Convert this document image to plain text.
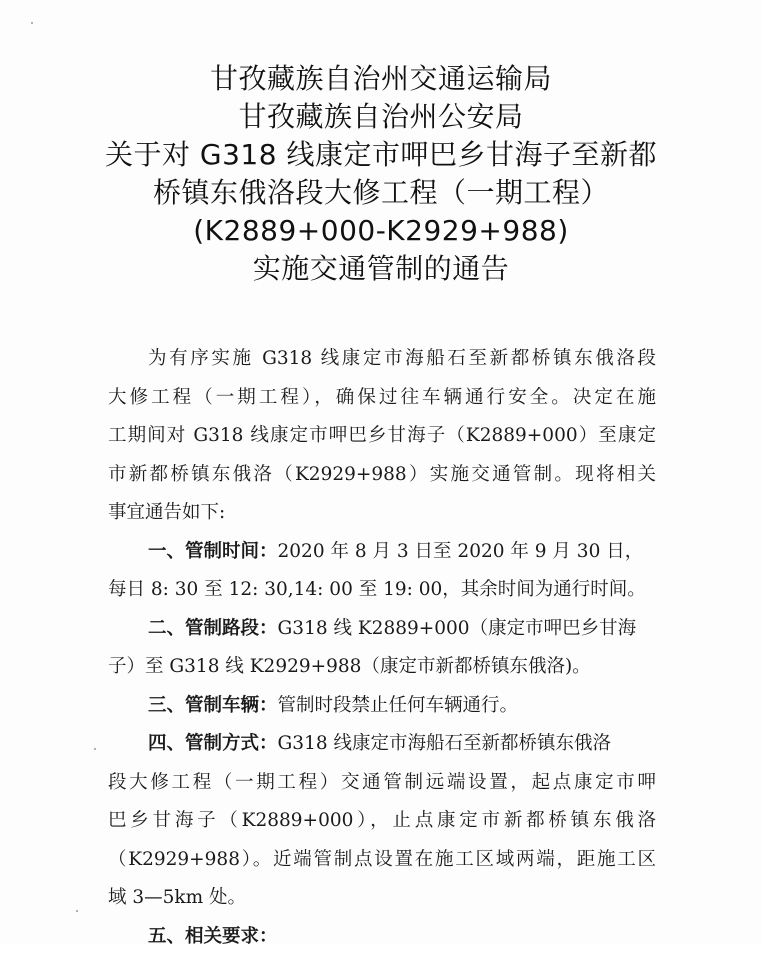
甘孜藏族自治州交通运输局
甘孜藏族自治州公安局
关于对 G318 线康定市呷巴乡甘海子至新都
桥镇东俄洛段大修工程（一期工程）
(K2889+000-K2929+988)
实施交通管制的通告
为有序实施 G318 线康定市海船石至新都桥镇东俄洛段
大修工程（一期工程），确保过往车辆通行安全。决定在施
工期间对 G318 线康定市呷巴乡甘海子（K2889+000）至康定
市新都桥镇东俄洛（K2929+988）实施交通管制。现将相关
事宜通告如下:
一、管制时间：2020 年 8 月 3 日至 2020 年 9 月 30 日，
每日 8: 30 至 12: 30,14: 00 至 19: 00，其余时间为通行时间。
二、管制路段：G318 线 K2889+000（康定市呷巴乡甘海
子）至 G318 线 K2929+988（康定市新都桥镇东俄洛)。
三、管制车辆：管制时段禁止任何车辆通行。
四、管制方式：G318 线康定市海船石至新都桥镇东俄洛
段大修工程（一期工程）交通管制远端设置，起点康定市呷
巴乡甘海子（K2889+000），止点康定市新都桥镇东俄洛
（K2929+988）。近端管制点设置在施工区域两端，距施工区
域 3—5km 处。
五、相关要求：
